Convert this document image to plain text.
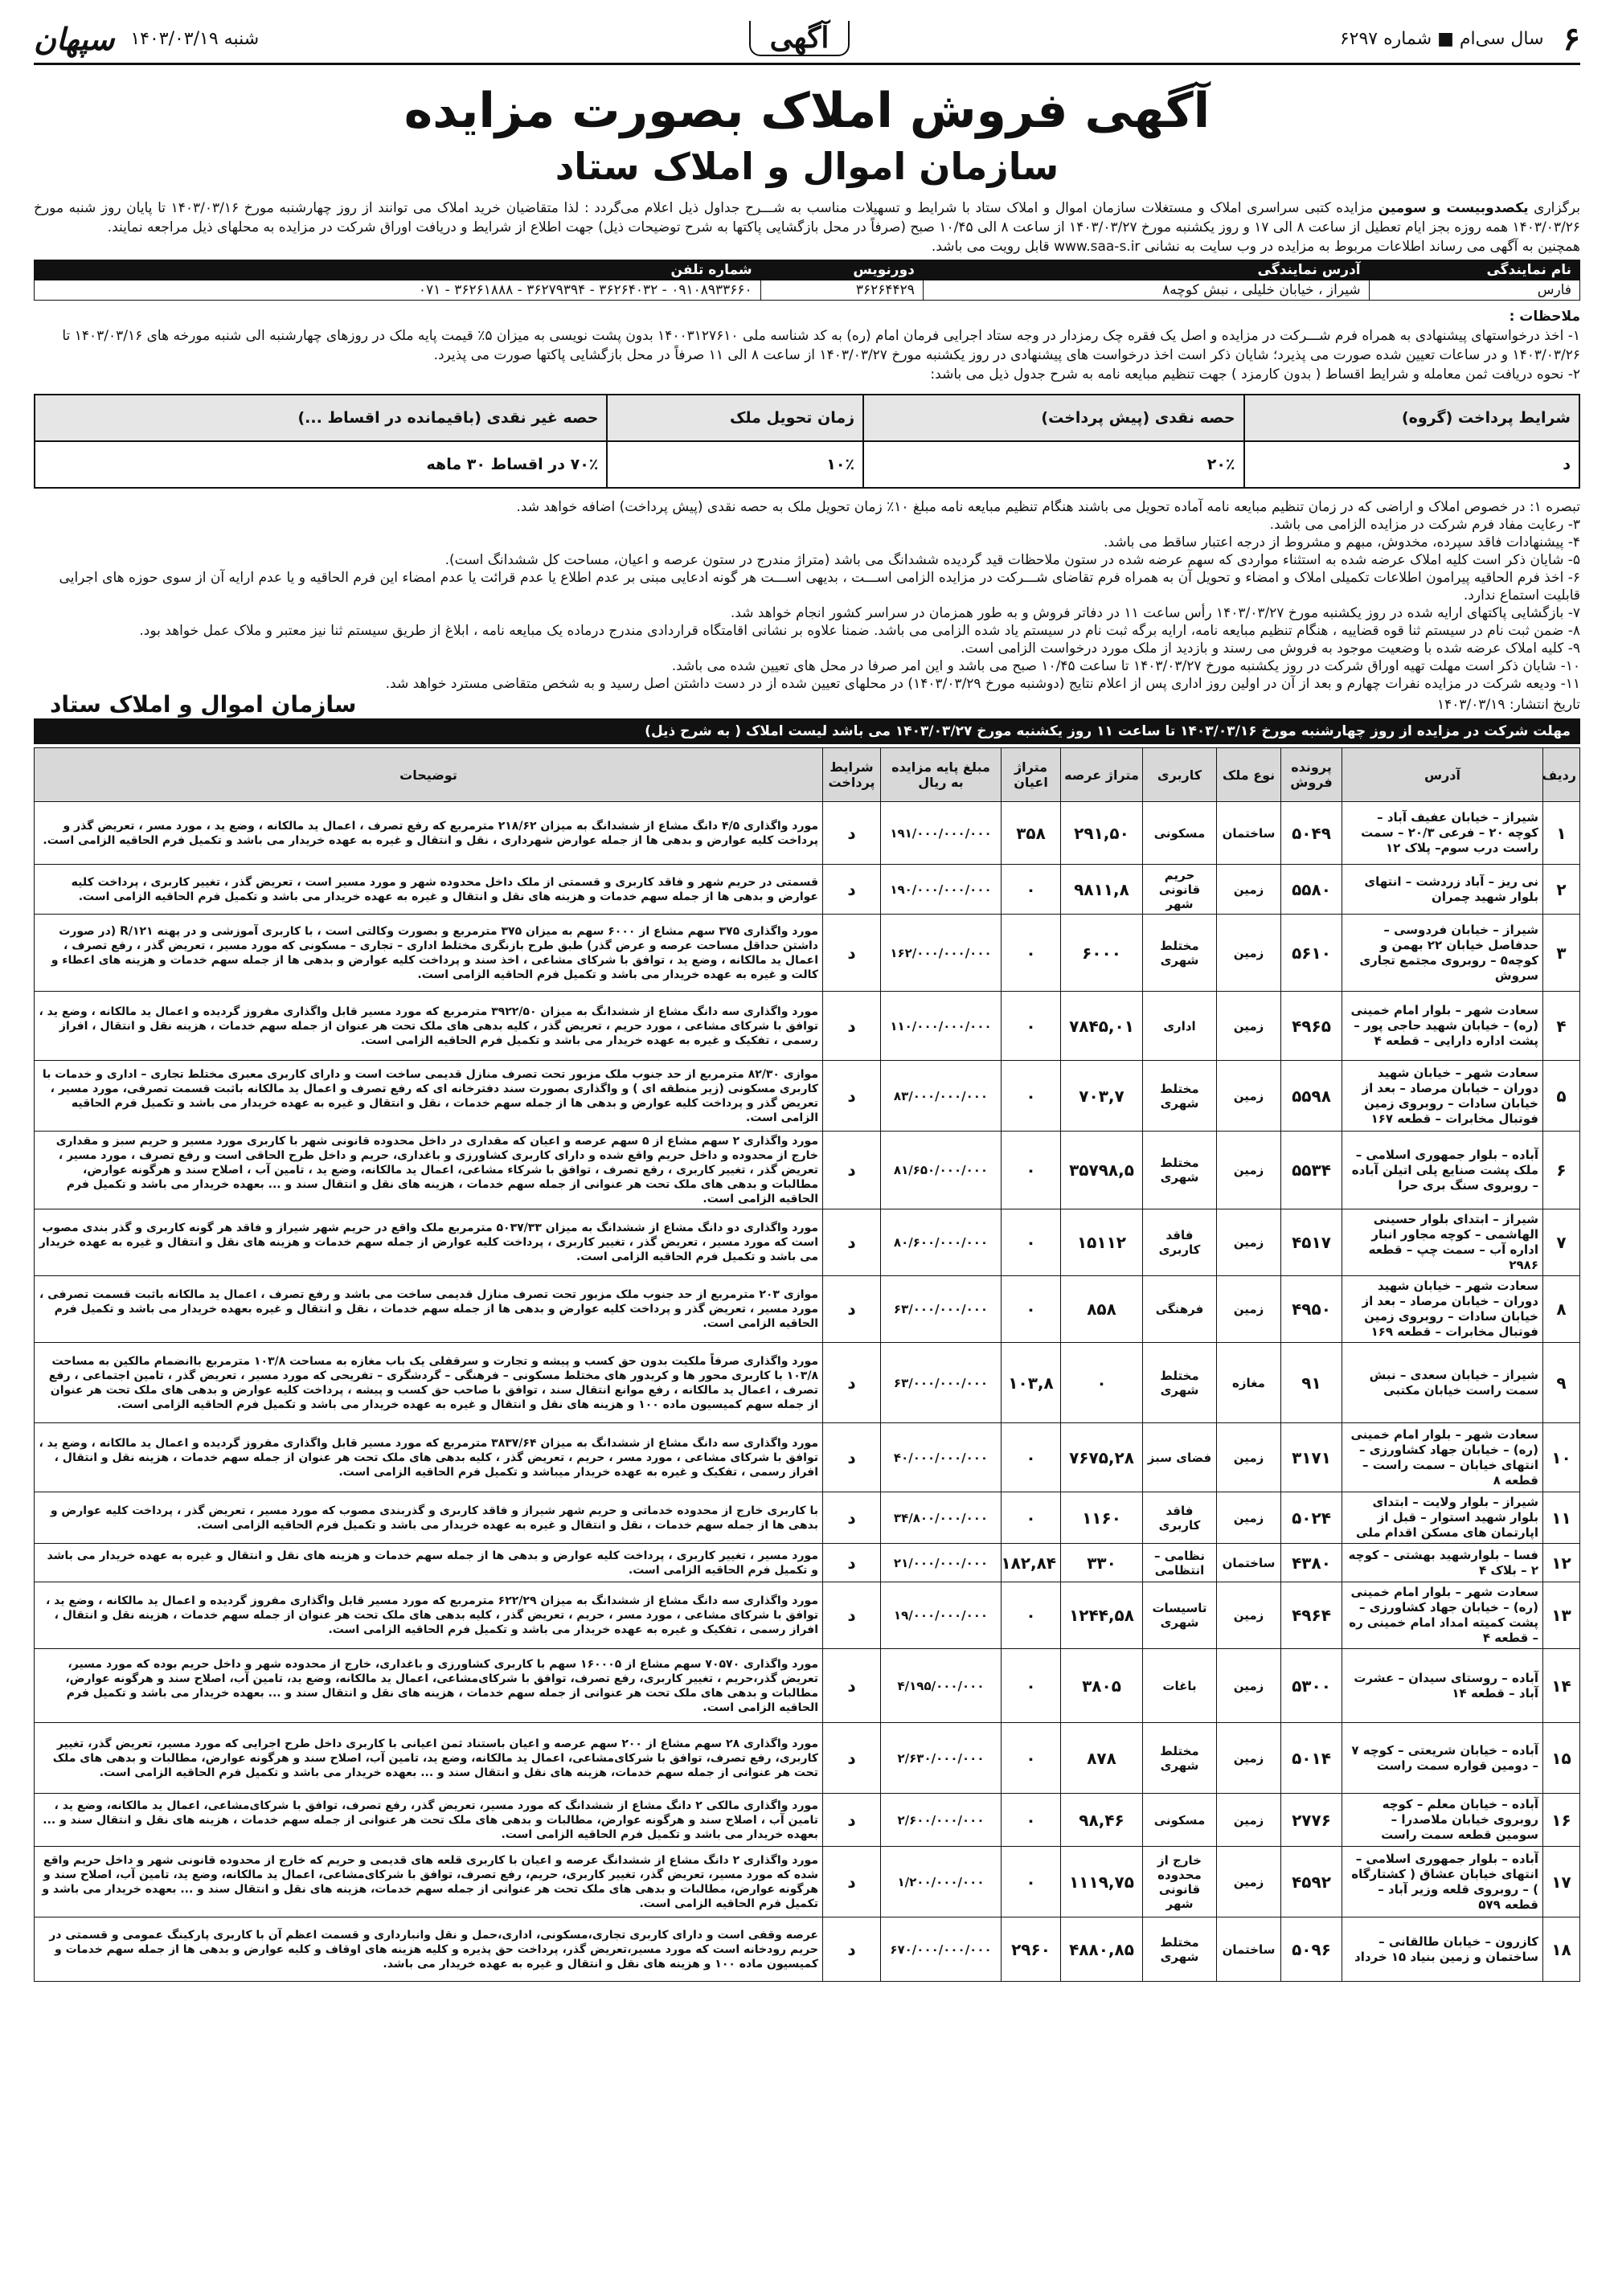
۶
سال سی‌ام ■ شماره ۶۲۹۷
آگهی
شنبه ۱۴۰۳/۰۳/۱۹
سپهان
آگهی فروش املاک بصورت مزایده
سازمان اموال و املاک ستاد
برگزاری یکصدوبیست و سومین مزایده کتبی سراسری املاک و مستغلات سازمان اموال و املاک ستاد با شرایط و تسهیلات مناسب به شـــرح جداول ذیل اعلام می‌گردد : لذا متقاضیان خرید املاک می توانند از روز چهارشنبه مورخ ۱۴۰۳/۰۳/۱۶ تا پایان روز شنبه مورخ ۱۴۰۳/۰۳/۲۶ همه روزه بجز ایام تعطیل از ساعت ۸ الی ۱۷ و روز یکشنبه مورخ ۱۴۰۳/۰۳/۲۷ از ساعت ۸ الی ۱۰/۴۵ صبح (صرفاً در محل بازگشایی پاکتها به شرح توضیحات ذیل) جهت اطلاع از شرایط و دریافت اوراق شرکت در مزایده به محلهای ذیل مراجعه نمایند.
همچنین به آگهی می رساند اطلاعات مربوط به مزایده در وب سایت به نشانی www.saa-s.ir قابل رویت می باشد.
نام نمایندگی	آدرس نمایندگی	دورنویس	شماره تلفن
فارس	شیراز ، خیابان خلیلی ، نبش کوچه۸	۳۶۲۶۴۴۲۹	۰۹۱۰۸۹۳۳۶۶۰ - ۳۶۲۶۴۰۳۲ - ۳۶۲۷۹۳۹۴ - ۳۶۲۶۱۸۸۸ - ۰۷۱
ملاحظات :
۱- اخذ درخواستهای پیشنهادی به همراه فرم شـــرکت در مزایده و اصل یک فقره چک رمزدار در وجه ستاد اجرایی فرمان امام (ره) به کد شناسه ملی ۱۴۰۰۳۱۲۷۶۱۰ بدون پشت نویسی به میزان ۵٪ قیمت پایه ملک در روزهای چهارشنبه الی شنبه مورخه های ۱۴۰۳/۰۳/۱۶ تا ۱۴۰۳/۰۳/۲۶ و در ساعات تعیین شده صورت می پذیرد؛ شایان ذکر است اخذ درخواست های پیشنهادی در روز یکشنبه مورخ ۱۴۰۳/۰۳/۲۷ از ساعت ۸ الی ۱۱ صرفاً در محل بازگشایی پاکتها صورت می پذیرد.
۲- نحوه دریافت ثمن معامله و شرایط اقساط ( بدون کارمزد ) جهت تنظیم مبایعه نامه به شرح جدول ذیل می باشد:
شرایط پرداخت (گروه)	حصه نقدی (پیش پرداخت)	زمان تحویل ملک	حصه غیر نقدی (باقیمانده در اقساط ...)
د	۲۰٪	۱۰٪	۷۰٪ در اقساط ۳۰ ماهه
تبصره ۱: در خصوص املاک و اراضی که در زمان تنظیم مبایعه نامه آماده تحویل می باشند هنگام تنظیم مبایعه نامه مبلغ ۱۰٪ زمان تحویل ملک به حصه نقدی (پیش پرداخت) اضافه خواهد شد.
۳- رعایت مفاد فرم شرکت در مزایده الزامی می باشد.
۴- پیشنهادات فاقد سپرده، مخدوش، مبهم و مشروط از درجه اعتبار ساقط می باشد.
۵- شایان ذکر است کلیه املاک عرضه شده به استثناء مواردی که سهم عرضه شده در ستون ملاحظات قید گردیده ششدانگ می باشد (متراژ مندرج در ستون عرصه و اعیان، مساحت کل ششدانگ است).
۶- اخذ فرم الحاقیه پیرامون اطلاعات تکمیلی املاک و امضاء و تحویل آن به همراه فرم تقاضای شـــرکت در مزایده الزامی اســـت ، بدیهی اســـت هر گونه ادعایی مبنی بر عدم اطلاع یا عدم قرائت یا عدم امضاء این فرم الحاقیه و یا عدم ارایه آن از سوی حوزه های اجرایی قابلیت استماع ندارد.
۷- بازگشایی پاکتهای ارایه شده در روز یکشنبه مورخ ۱۴۰۳/۰۳/۲۷ رأس ساعت ۱۱ در دفاتر فروش و به طور همزمان در سراسر کشور انجام خواهد شد.
۸- ضمن ثبت نام در سیستم ثنا قوه قضاییه ، هنگام تنظیم مبایعه نامه، ارایه برگه ثبت نام در سیستم یاد شده الزامی می باشد. ضمنا علاوه بر نشانی اقامتگاه قراردادی مندرج درماده یک مبایعه نامه ، ابلاغ از طریق سیستم ثنا نیز معتبر و ملاک عمل خواهد بود.
۹- کلیه املاک عرضه شده با وضعیت موجود به فروش می رسند و بازدید از ملک مورد درخواست الزامی است.
۱۰- شایان ذکر است مهلت تهیه اوراق شرکت در روز یکشنبه مورخ ۱۴۰۳/۰۳/۲۷ تا ساعت ۱۰/۴۵ صبح می باشد و این امر صرفا در محل های تعیین شده می باشد.
۱۱- ودیعه شرکت در مزایده نفرات چهارم و بعد از آن در اولین روز اداری پس از اعلام نتایج (دوشنبه مورخ ۱۴۰۳/۰۳/۲۹) در محلهای تعیین شده از در دست داشتن اصل رسید و به شخص متقاضی مسترد خواهد شد.
تاریخ انتشار: ۱۴۰۳/۰۳/۱۹
سازمان اموال و املاک ستاد
مهلت شرکت در مزایده از روز چهارشنبه مورخ ۱۴۰۳/۰۳/۱۶ تا ساعت ۱۱ روز یکشنبه مورخ ۱۴۰۳/۰۳/۲۷ می باشد لیست املاک ( به شرح ذیل)
ردیف	آدرس	پرونده فروش	نوع ملک	کاربری	متراژ عرصه	متراژ اعیان	مبلغ پایه مزایده به ریال	شرایط پرداخت	توضیحات
۱	شیراز – خیابان عفیف آباد – کوچه ۲۰ – فرعی ۲۰/۳ – سمت راست درب سوم– پلاک ۱۲	۵۰۴۹	ساختمان	مسکونی	۲۹۱,۵۰	۳۵۸	۱۹۱/۰۰۰/۰۰۰/۰۰۰	د	مورد واگذاری ۴/۵ دانگ مشاع از ششدانگ به میزان ۲۱۸/۶۲ مترمربع که رفع تصرف ، اعمال ید مالکانه ، وضع ید ، مورد مسر ، تعریض گذر و پرداخت کلیه عوارض و بدهی ها از جمله عوارض شهرداری ، نقل و انتقال و غیره به عهده خریدار می باشد و تکمیل فرم الحاقیه الزامی است.
۲	نی ریز – آباد زردشت – انتهای بلوار شهید چمران	۵۵۸۰	زمین	حریم قانونی شهر	۹۸۱۱,۸	۰	۱۹۰/۰۰۰/۰۰۰/۰۰۰	د	قسمتی در حریم شهر و فاقد کاربری و قسمتی از ملک داخل محدوده شهر و مورد مسیر است ، تعریض گذر ، تغییر کاربری ، پرداخت کلیه عوارض و بدهی ها از جمله سهم خدمات و هزینه های نقل و انتقال و غیره به عهده خریدار می باشد و تکمیل فرم الحاقیه الزامی است.
۳	شیراز – خیابان فردوسی – حدفاصل خیابان ۲۲ بهمن و کوچه۵ – روبروی مجتمع تجاری سروش	۵۶۱۰	زمین	مختلط شهری	۶۰۰۰	۰	۱۶۲/۰۰۰/۰۰۰/۰۰۰	د	مورد واگذاری ۳۷۵ سهم مشاع از ۶۰۰۰ سهم به میزان ۳۷۵ مترمربع و بصورت وکالتی است ، با کاربری آموزشی و در پهنه ۱۲۱/R (در صورت داشتن حداقل مساحت عرصه و عرض گذر) طبق طرح بازنگری مختلط اداری – تجاری – مسکونی که مورد مسیر ، تعریض گذر ، رفع تصرف ، اعمال ید مالکانه ، وضع ید ، توافق با شرکای مشاعی ، اخذ سند و پرداخت کلیه عوارض و بدهی ها از جمله سهم خدمات و هزینه های اعطاء و کالت و غیره به عهده خریدار می باشد و تکمیل فرم الحاقیه الزامی است.
۴	سعادت شهر – بلوار امام خمینی (ره) – خیابان شهید حاجی پور – پشت اداره دارایی – قطعه ۴	۴۹۶۵	زمین	اداری	۷۸۴۵,۰۱	۰	۱۱۰/۰۰۰/۰۰۰/۰۰۰	د	مورد واگذاری سه دانگ مشاع از ششدانگ به میزان ۳۹۲۲/۵۰ مترمربع که مورد مسیر قابل واگذاری مفروز گردیده و اعمال ید مالکانه ، وضع ید ، توافق با شرکای مشاعی ، مورد حریم ، تعریض گذر ، کلیه بدهی های ملک تحت هر عنوان از جمله سهم خدمات ، هزینه نقل و انتقال ، افراز رسمی ، تفکیک و غیره به عهده خریدار می باشد و تکمیل فرم الحاقیه الزامی است.
۵	سعادت شهر – خیابان شهید دوران – خیابان مرصاد – بعد از خیابان سادات – روبروی زمین فوتبال مخابرات – قطعه ۱۶۷	۵۵۹۸	زمین	مختلط شهری	۷۰۳,۷	۰	۸۳/۰۰۰/۰۰۰/۰۰۰	د	موازی ۸۲/۳۰ مترمربع از حد جنوب ملک مزبور تحت تصرف منازل قدیمی ساخت است و دارای کاربری معبری مختلط تجاری – اداری و خدمات با کاربری مسکونی (زیر منطقه ای ) و واگذاری بصورت سند دفترخانه ای که رفع تصرف و اعمال ید مالکانه باثبت قسمت تصرفی، مورد مسیر ، تعریض گذر و پرداخت کلیه عوارض و بدهی ها از جمله سهم خدمات ، نقل و انتقال و غیره به عهده خریدار می باشد و تکمیل فرم الحاقیه الزامی است.
۶	آباده – بلوار جمهوری اسلامی – ملک پشت صنایع پلی اتیلن آباده – روبروی سنگ بری حرا	۵۵۳۴	زمین	مختلط شهری	۳۵۷۹۸,۵	۰	۸۱/۶۵۰/۰۰۰/۰۰۰	د	مورد واگذاری ۲ سهم مشاع از ۵ سهم عرصه و اعیان که مقداری در داخل محدوده قانونی شهر با کاربری مورد مسیر و حریم سبز و مقداری خارج از محدوده و داخل حریم واقع شده و دارای کاربری کشاورزی و باغداری، حریم و داخل طرح الحاقی است و رفع تصرف ، مورد مسیر ، تعریض گذر ، تغییر کاربری ، رفع تصرف ، توافق با شرکاء مشاعی، اعمال ید مالکانه، وضع ید ، تامین آب ، اصلاح سند و هرگونه عوارض، مطالبات و بدهی های ملک تحت هر عنوانی از جمله سهم خدمات ، هزینه های نقل و انتقال سند و ... بعهده خریدار می باشد و تکمیل فرم الحاقیه الزامی است.
۷	شیراز – ابتدای بلوار حسینی الهاشمی – کوچه مجاور انبار اداره آب – سمت چپ – قطعه ۲۹۸۶	۴۵۱۷	زمین	فاقد کاربری	۱۵۱۱۲	۰	۸۰/۶۰۰/۰۰۰/۰۰۰	د	مورد واگذاری دو دانگ مشاع از ششدانگ به میزان ۵۰۳۷/۳۳ مترمربع ملک واقع در حریم شهر شیراز و فاقد هر گونه کاربری و گذر بندی مصوب است که مورد مسیر ، تعریض گذر ، تغییر کاربری ، پرداخت کلیه عوارض از جمله سهم خدمات و هزینه های نقل و انتقال و غیره به عهده خریدار می باشد و تکمیل فرم الحاقیه الزامی است.
۸	سعادت شهر – خیابان شهید دوران – خیابان مرصاد – بعد از خیابان سادات – روبروی زمین فوتبال مخابرات – قطعه ۱۶۹	۴۹۵۰	زمین	فرهنگی	۸۵۸	۰	۶۳/۰۰۰/۰۰۰/۰۰۰	د	موازی ۲۰۳ مترمربع از حد جنوب ملک مزبور تحت تصرف منازل قدیمی ساخت می باشد و رفع تصرف ، اعمال ید مالکانه باثبت قسمت تصرفی ، مورد مسیر ، تعریض گذر و پرداخت کلیه عوارض و بدهی ها از جمله سهم خدمات ، نقل و انتقال و غیره بعهده خریدار می باشد و تکمیل فرم الحاقیه الزامی است.
۹	شیراز – خیابان سعدی – نبش سمت راست خیابان مکتبی	۹۱	مغازه	مختلط شهری	۰	۱۰۳,۸	۶۳/۰۰۰/۰۰۰/۰۰۰	د	مورد واگذاری صرفاً ملکیت بدون حق کسب و پیشه و تجارت و سرقفلی یک باب مغازه به مساحت ۱۰۳/۸ مترمربع باانضمام مالکین به مساحت ۱۰۳/۸ با کاربری محور ها و کریدور های مختلط مسکونی – فرهنگی – گردشگری – تفریحی که مورد مسیر ، تعریض گذر ، تامین اجتماعی ، رفع تصرف ، اعمال ید مالکانه ، رفع موانع انتقال سند ، توافق با صاحب حق کسب و پیشه ، پرداخت کلیه عوارض و بدهی های ملک تحت هر عنوان از جمله سهم کمیسیون ماده ۱۰۰ و هزینه های نقل و انتقال و غیره به عهده خریدار می باشد و تکمیل فرم الحاقیه الزامی است.
۱۰	سعادت شهر – بلوار امام خمینی (ره) – خیابان جهاد کشاورزی – انتهای خیابان – سمت راست – قطعه ۸	۳۱۷۱	زمین	فضای سبز	۷۶۷۵,۲۸	۰	۴۰/۰۰۰/۰۰۰/۰۰۰	د	مورد واگذاری سه دانگ مشاع از ششدانگ به میزان ۳۸۳۷/۶۴ مترمربع که مورد مسیر قابل واگذاری مفروز گردیده و اعمال ید مالکانه ، وضع ید ، توافق با شرکای مشاعی ، مورد مسر ، حریم ، تعریض گذر ، کلیه بدهی های ملک تحت هر عنوان از جمله سهم خدمات ، هزینه نقل و انتقال ، افراز رسمی ، تفکیک و غیره به عهده خریدار میباشد و تکمیل فرم الحاقیه الزامی است.
۱۱	شیراز – بلوار ولایت – ابتدای بلوار شهید استوار – قبل از اپارتمان های مسکن اقدام ملی	۵۰۲۴	زمین	فاقد کاربری	۱۱۶۰	۰	۳۴/۸۰۰/۰۰۰/۰۰۰	د	با کاربری خارج از محدوده خدماتی و حریم شهر شیراز و فاقد کاربری و گذربندی مصوب که مورد مسیر ، تعریض گذر ، پرداخت کلیه عوارض و بدهی ها از جمله سهم خدمات ، نقل و انتقال و غیره به عهده خریدار می باشد و تکمیل فرم الحاقیه الزامی است.
۱۲	فسا – بلوارشهید بهشتی – کوچه ۲ – بلاک ۴	۴۳۸۰	ساختمان	نظامی – انتظامی	۳۳۰	۱۸۲,۸۴	۲۱/۰۰۰/۰۰۰/۰۰۰	د	مورد مسیر ، تغییر کاربری ، پرداخت کلیه عوارض و بدهی ها از جمله سهم خدمات و هزینه های نقل و انتقال و غیره به عهده خریدار می باشد و تکمیل فرم الحاقیه الزامی است.
۱۳	سعادت شهر – بلوار امام خمینی (ره) – خیابان جهاد کشاورزی – پشت کمیته امداد امام خمینی ره – قطعه ۴	۴۹۶۴	زمین	تاسیسات شهری	۱۲۴۴,۵۸	۰	۱۹/۰۰۰/۰۰۰/۰۰۰	د	مورد واگذاری سه دانگ مشاع از ششدانگ به میزان ۶۲۲/۲۹ مترمربع که مورد مسیر قابل واگذاری مفروز گردیده و اعمال ید مالکانه ، وضع ید ، توافق با شرکای مشاعی ، مورد مسر ، حریم ، تعریض گذر ، کلیه بدهی های ملک تحت هر عنوان از جمله سهم خدمات ، هزینه نقل و انتقال ، افراز رسمی ، تفکیک و غیره به عهده خریدار می باشد و تکمیل فرم الحاقیه الزامی است.
۱۴	آباده – روستای سیدان – عشرت آباد – قطعه ۱۴	۵۳۰۰	زمین	باغات	۳۸۰۵	۰	۴/۱۹۵/۰۰۰/۰۰۰	د	مورد واگذاری ۷۰۵۷۰ سهم مشاع از ۱۶۰۰۰۵ سهم با کاربری کشاورزی و باغداری، خارج از محدوده شهر و داخل حریم بوده که مورد مسیر، تعریض گذر،حریم ، تغییر کاربری، رفع تصرف، توافق با شرکای‌مشاعی، اعمال ید مالکانه، وضع ید، تامین آب، اصلاح سند و هرگونه عوارض، مطالبات و بدهی های ملک تحت هر عنوانی از جمله سهم خدمات ، هزینه های نقل و انتقال سند و ... بعهده خریدار می باشد و تکمیل فرم الحاقیه الزامی است.
۱۵	آباده – خیابان شریعتی – کوچه ۷ – دومین قواره سمت راست	۵۰۱۴	زمین	مختلط شهری	۸۷۸	۰	۲/۶۳۰/۰۰۰/۰۰۰	د	مورد واگذاری ۲۸ سهم مشاع از ۲۰۰ سهم عرصه و اعیان باستناد ثمن اعیانی با کاربری داخل طرح اجرایی که مورد مسیر، تعریض گذر، تغییر کاربری، رفع تصرف، توافق با شرکای‌مشاعی، اعمال ید مالکانه، وضع ید، تامین آب، اصلاح سند و هرگونه عوارض، مطالبات و بدهی های ملک تحت هر عنوانی از جمله سهم خدمات، هزینه های نقل و انتقال سند و ... بعهده خریدار می باشد و تکمیل فرم الحاقیه الزامی است.
۱۶	آباده – خیابان معلم – کوچه روبروی خیابان ملاصدرا – سومین قطعه سمت راست	۲۷۷۶	زمین	مسکونی	۹۸,۴۶	۰	۲/۶۰۰/۰۰۰/۰۰۰	د	مورد واگذاری مالکی ۲ دانگ مشاع از ششدانگ که مورد مسیر، تعریض گذر، رفع تصرف، توافق با شرکای‌مشاعی، اعمال ید مالکانه، وضع ید ، تامین آب ، اصلاح سند و هرگونه عوارض، مطالبات و بدهی های ملک تحت هر عنوانی از جمله سهم خدمات ، هزینه های نقل و انتقال سند و ... بعهده خریدار می باشد و تکمیل فرم الحاقیه الزامی است.
۱۷	آباده – بلوار جمهوری اسلامی – انتهای خیابان عشاق ( کشتارگاه ) – روبروی قلعه وزیر آباد – قطعه ۵۷۹	۴۵۹۲	زمین	خارج از محدوده قانونی شهر	۱۱۱۹,۷۵	۰	۱/۲۰۰/۰۰۰/۰۰۰	د	مورد واگذاری ۲ دانگ مشاع از ششدانگ عرصه و اعیان با کاربری قلعه های قدیمی و حریم که خارج از محدوده قانونی شهر و داخل حریم واقع شده که مورد مسیر، تعریض گذر، تغییر کاربری، حریم، رفع تصرف، توافق با شرکای‌مشاعی، اعمال ید مالکانه، وضع ید، تامین آب، اصلاح سند و هرگونه عوارض، مطالبات و بدهی های ملک تحت هر عنوانی از جمله سهم خدمات، هزینه های نقل و انتقال سند و ... بعهده خریدار می باشد و تکمیل فرم الحاقیه الزامی است.
۱۸	کازرون – خیابان طالقانی – ساختمان و زمین بنیاد ۱۵ خرداد	۵۰۹۶	ساختمان	مختلط شهری	۴۸۸۰,۸۵	۲۹۶۰	۶۷۰/۰۰۰/۰۰۰/۰۰۰	د	عرصه وقفی است و دارای کاربری تجاری،مسکونی، اداری،حمل و نقل وانبارداری و قسمت اعظم آن با کاربری پارکینگ عمومی و قسمتی در حریم رودخانه است که مورد مسیر،تعریض گذر، پرداخت حق پذیره و کلیه هزینه های اوقاف و کلیه عوارض و بدهی ها از جمله سهم خدمات و کمیسیون ماده ۱۰۰ و هزینه های نقل و انتقال و غیره به عهده خریدار می باشد.
